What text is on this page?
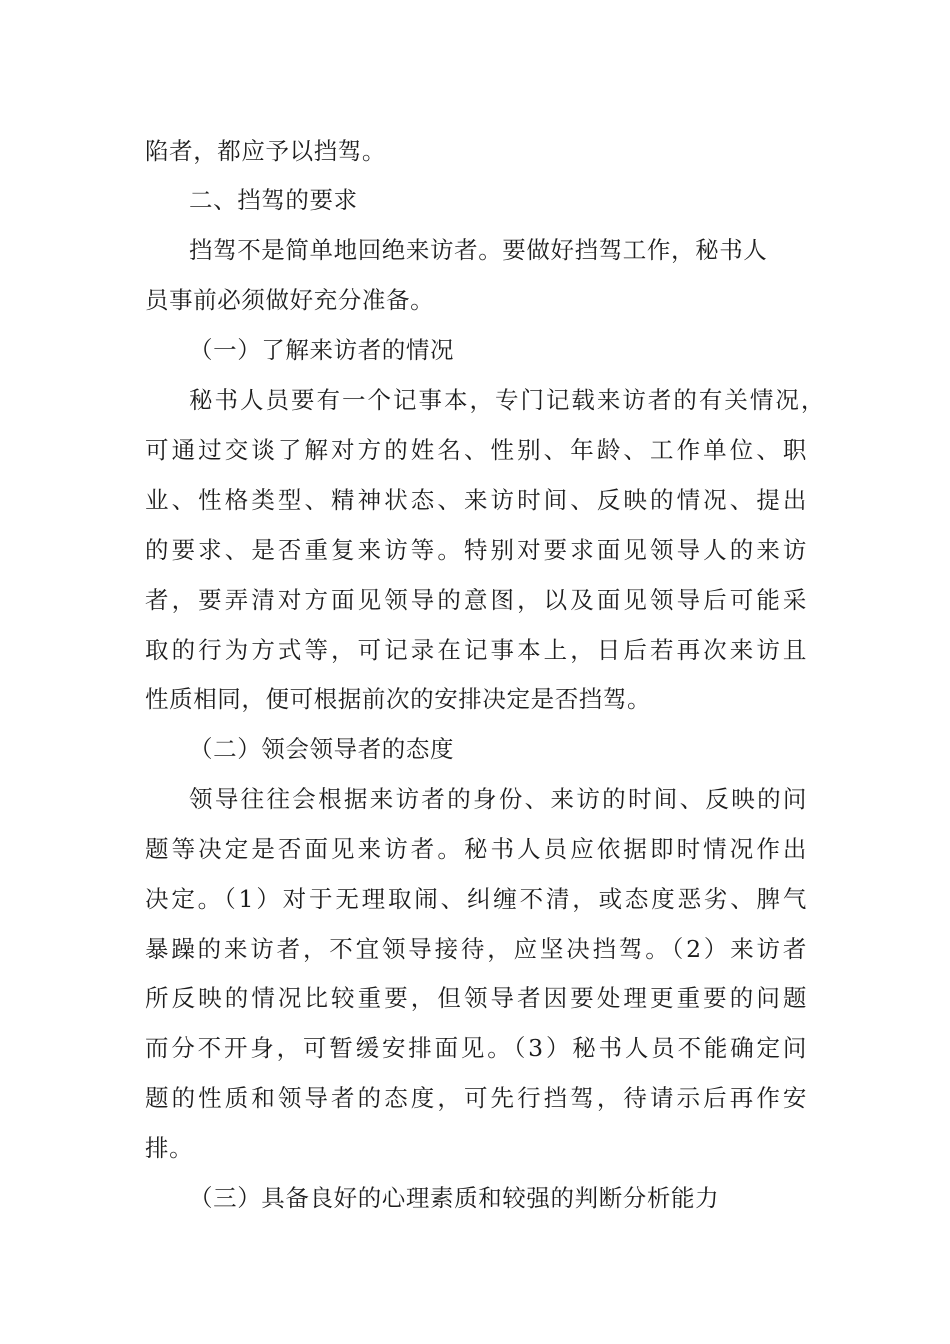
陷者，都应予以挡驾。
二、挡驾的要求
挡驾不是简单地回绝来访者。要做好挡驾工作，秘书人
员事前必须做好充分准备。
（一）了解来访者的情况
秘书人员要有一个记事本，专门记载来访者的有关情况，
可通过交谈了解对方的姓名、性别、年龄、工作单位、职
业、性格类型、精神状态、来访时间、反映的情况、提出
的要求、是否重复来访等。特别对要求面见领导人的来访
者，要弄清对方面见领导的意图，以及面见领导后可能采
取的行为方式等，可记录在记事本上，日后若再次来访且
性质相同，便可根据前次的安排决定是否挡驾。
（二）领会领导者的态度
领导往往会根据来访者的身份、来访的时间、反映的问
题等决定是否面见来访者。秘书人员应依据即时情况作出
决定。（1）对于无理取闹、纠缠不清，或态度恶劣、脾气
暴躁的来访者，不宜领导接待，应坚决挡驾。（2）来访者
所反映的情况比较重要，但领导者因要处理更重要的问题
而分不开身，可暂缓安排面见。（3）秘书人员不能确定问
题的性质和领导者的态度，可先行挡驾，待请示后再作安
排。
（三）具备良好的心理素质和较强的判断分析能力
